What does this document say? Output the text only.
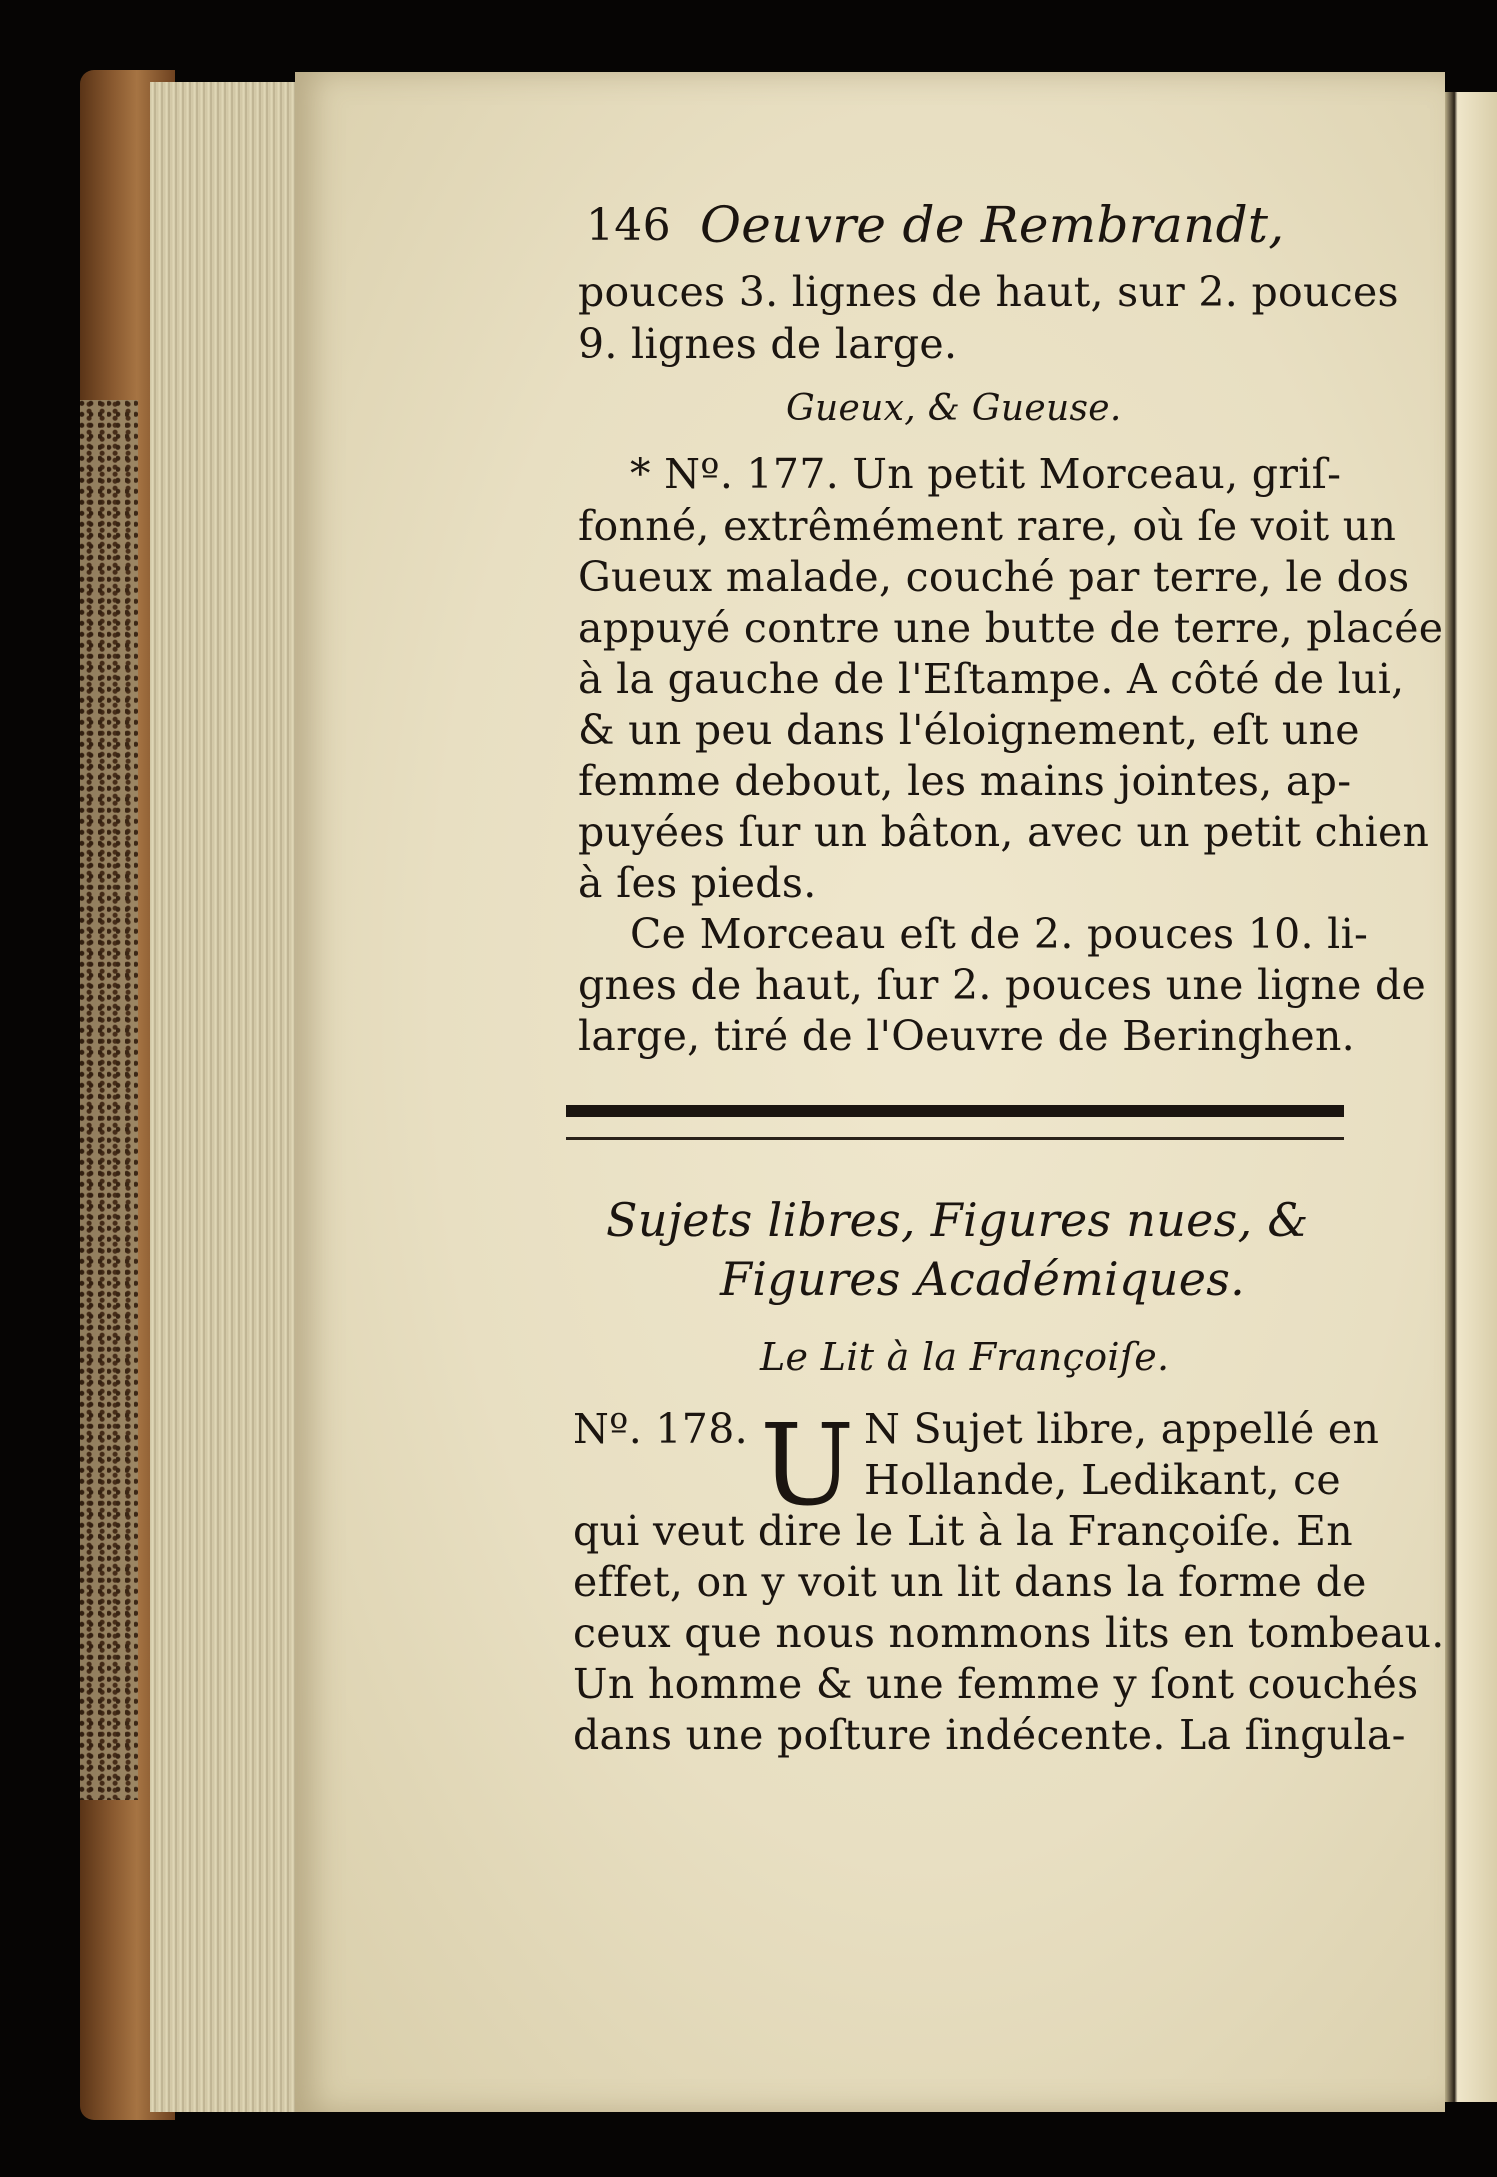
146 Oeuvre de Rembrandt,
pouces 3. lignes de haut, sur 2. pouces
9. lignes de large.
Gueux, & Gueuse.
* Nº. 177. Un petit Morceau, griſ-
fonné, extrêmément rare, où ſe voit un
Gueux malade, couché par terre, le dos
appuyé contre une butte de terre, placée
à la gauche de l'Eſtampe. A côté de lui,
& un peu dans l'éloignement, eſt une
femme debout, les mains jointes, ap-
puyées ſur un bâton, avec un petit chien
à ſes pieds.
Ce Morceau eſt de 2. pouces 10. li-
gnes de haut, ſur 2. pouces une ligne de
large, tiré de l'Oeuvre de Beringhen.
Sujets libres, Figures nues, &
Figures Académiques.
Le Lit à la Françoiſe.
Nº. 178. U N Sujet libre, appellé en
Hollande, Ledikant, ce
qui veut dire le Lit à la Françoiſe. En
effet, on y voit un lit dans la forme de
ceux que nous nommons lits en tombeau.
Un homme & une femme y ſont couchés
dans une poſture indécente. La ſingula-
